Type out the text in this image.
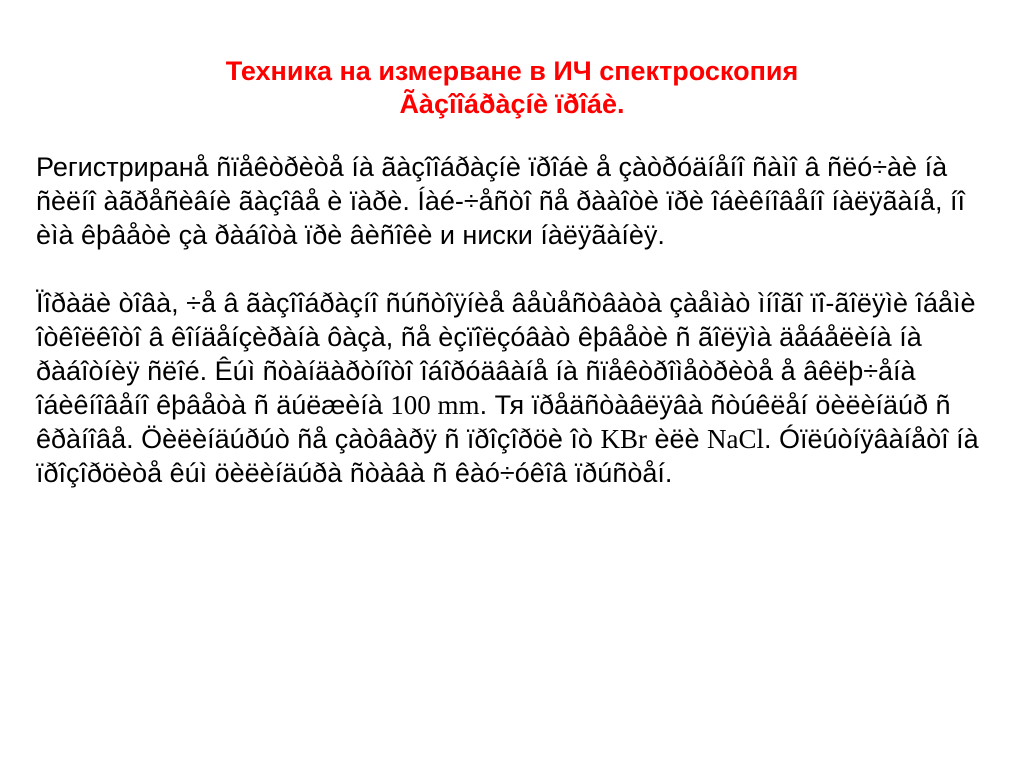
Техника на измерване в ИЧ спектроскопия
Ãàçîîáðàçíè ïðîáè.

Регистриранå ñïåêòðèòå íà ãàçîîáðàçíè ïðîáè å çàòðóäíåíî ñàìî â ñëó÷àè íà ñèëíî àãðåñèâíè ãàçîâå è ïàðè. Íàé-÷åñòî ñå ðààîòè ïðè îáèêíîâåíî íàëÿãàíå, íî èìà êþâåòè çà ðàáîòà ïðè âèñîêè и ниски íàëÿãàíèÿ.

Ïîðàäè òîâà, ÷å â ãàçîîáðàçíî ñúñòîÿíèå âåùåñòâàòà çàåìàò ìíîãî ïî-ãîëÿìè îáåìè îòêîëêîòî â êîíäåíçèðàíà ôàçà, ñå èçïîëçóâàò êþâåòè ñ ãîëÿìà äåáåëèíà íà ðàáîòíèÿ ñëîé. Êúì ñòàíäàðòíîòî îáîðóäâàíå íà ñïåêòðîìåòðèòå å âêëþ÷åíà îáèêíîâåíî êþâåòà ñ äúëæèíà 100 mm. Тя ïðåäñòàâëÿâà ñòúêëåí öèëèíäúð ñ êðàíîâå. Öèëèíäúðúò ñå çàòâàðÿ ñ ïðîçîðöè îò KBr èëè NaCl. Óïëúòíÿâàíåòî íà ïðîçîðöèòå êúì öèëèíäúðà ñòàâà ñ êàó÷óêîâ ïðúñòåí.
